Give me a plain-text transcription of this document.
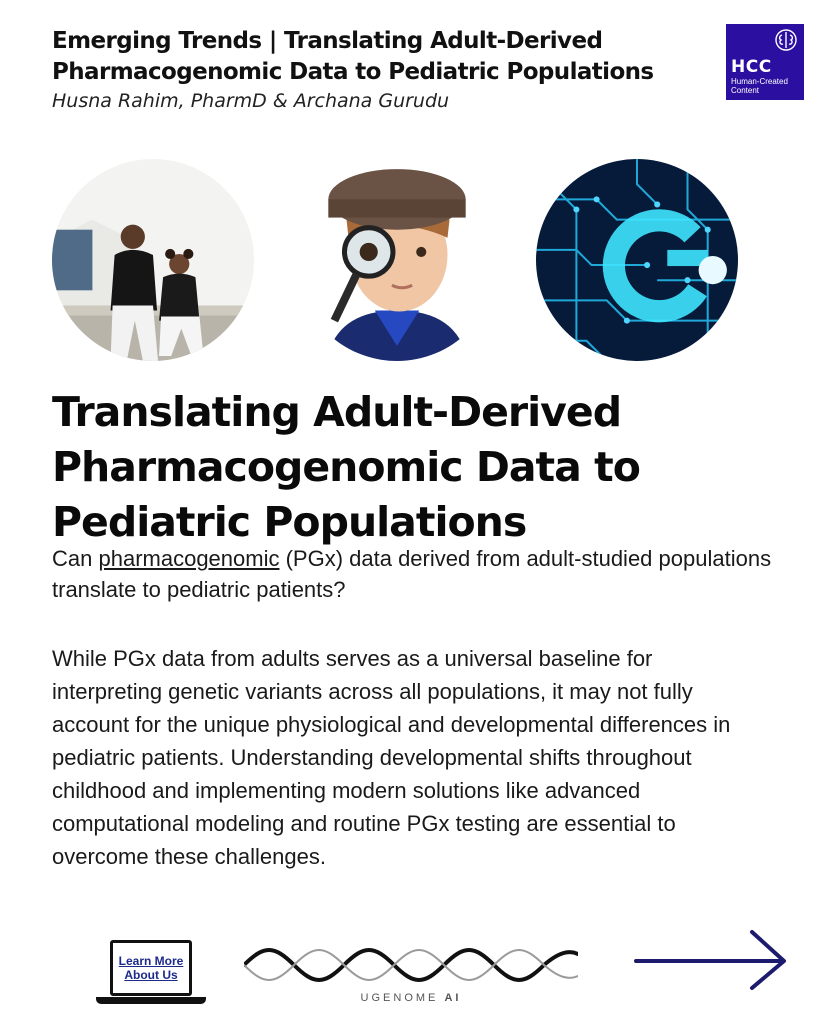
Emerging Trends | Translating Adult-Derived Pharmacogenomic Data to Pediatric Populations
Husna Rahim, PharmD & Archana Gurudu
HCC
Human-Created Content
Translating Adult-Derived Pharmacogenomic Data to Pediatric Populations

Can pharmacogenomic (PGx) data derived from adult-studied populations translate to pediatric patients?

While PGx data from adults serves as a universal baseline for interpreting genetic variants across all populations, it may not fully account for the unique physiological and developmental differences in pediatric patients. Understanding developmental shifts throughout childhood and implementing modern solutions like advanced computational modeling and routine PGx testing are essential to overcome these challenges.

Learn More About Us
UGENOME AI
